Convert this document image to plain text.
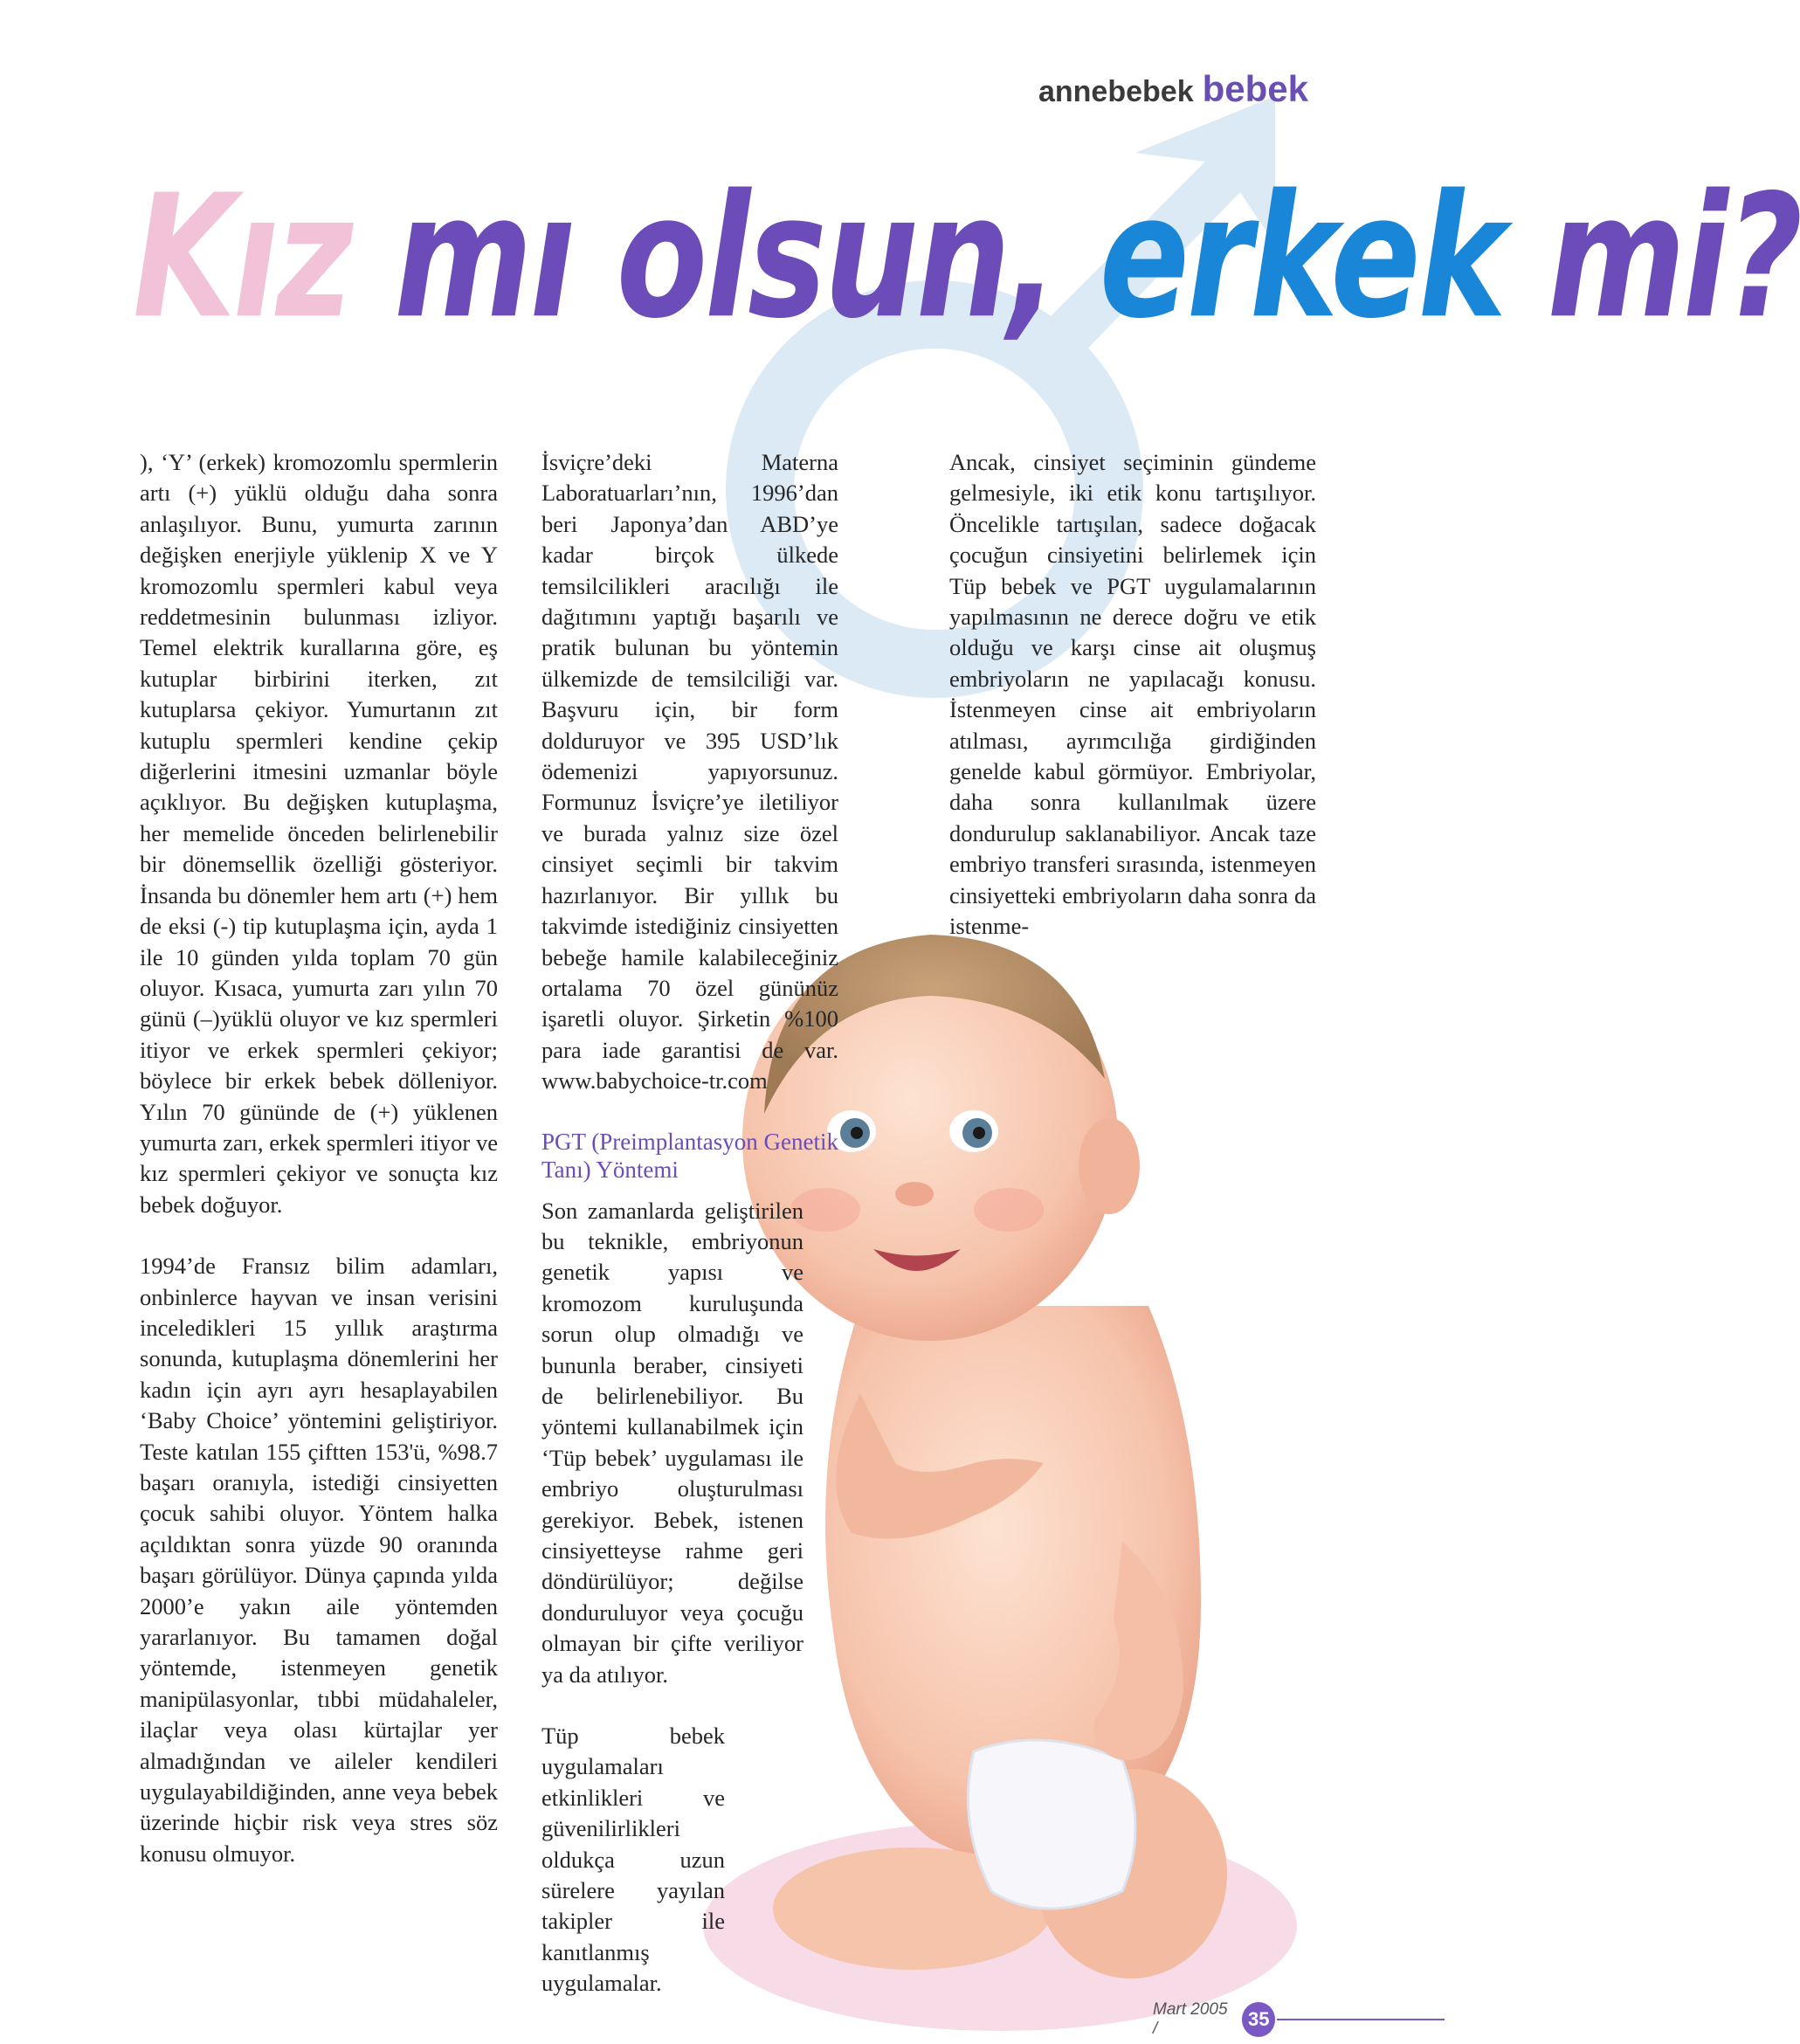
annebebek bebek
Kız mı olsun, erkek mi?

), ‘Y’ (erkek) kromozomlu spermlerin artı (+) yüklü olduğu daha sonra anlaşılıyor. Bunu, yumurta zarının değişken enerjiyle yüklenip X ve Y kromozomlu spermleri kabul veya reddetmesinin bulunması izliyor. Temel elektrik kurallarına göre, eş kutuplar birbirini iterken, zıt kutuplarsa çekiyor. Yumurtanın zıt kutuplu spermleri kendine çekip diğerlerini itmesini uzmanlar böyle açıklıyor. Bu değişken kutuplaşma, her memelide önceden belirlenebilir bir dönemsellik özelliği gösteriyor. İnsanda bu dönemler hem artı (+) hem de eksi (-) tip kutuplaşma için, ayda 1 ile 10 günden yılda toplam 70 gün oluyor. Kısaca, yumurta zarı yılın 70 günü (–)yüklü oluyor ve kız spermleri itiyor ve erkek spermleri çekiyor; böylece bir erkek bebek dölleniyor. Yılın 70 gününde de (+) yüklenen yumurta zarı, erkek spermleri itiyor ve kız spermleri çekiyor ve sonuçta kız bebek doğuyor.

1994’de Fransız bilim adamları, onbinlerce hayvan ve insan verisini inceledikleri 15 yıllık araştırma sonunda, kutuplaşma dönemlerini her kadın için ayrı ayrı hesaplayabilen ‘Baby Choice’ yöntemini geliştiriyor. Teste katılan 155 çiftten 153'ü, %98.7 başarı oranıyla, istediği cinsiyetten çocuk sahibi oluyor. Yöntem halka açıldıktan sonra yüzde 90 oranında başarı görülüyor. Dünya çapında yılda 2000’e yakın aile yöntemden yararlanıyor. Bu tamamen doğal yöntemde, istenmeyen genetik manipülasyonlar, tıbbi müdahaleler, ilaçlar veya olası kürtajlar yer almadığından ve aileler kendileri uygulayabildiğinden, anne veya bebek üzerinde hiçbir risk veya stres söz konusu olmuyor.

İsviçre’deki Materna Laboratuarları’nın, 1996’dan beri Japonya’dan ABD’ye kadar birçok ülkede temsilcilikleri aracılığı ile dağıtımını yaptığı başarılı ve pratik bulunan bu yöntemin ülkemizde de temsilciliği var. Başvuru için, bir form dolduruyor ve 395 USD’lık ödemenizi yapıyorsunuz. Formunuz İsviçre’ye iletiliyor ve burada yalnız size özel cinsiyet seçimli bir takvim hazırlanıyor. Bir yıllık bu takvimde istediğiniz cinsiyetten bebeğe hamile kalabileceğiniz ortalama 70 özel gününüz işaretli oluyor. Şirketin %100 para iade garantisi de var. www.babychoice-tr.com

PGT (Preimplantasyon Genetik Tanı) Yöntemi

Son zamanlarda geliştirilen bu teknikle, embriyonun genetik yapısı ve kromozom kuruluşunda sorun olup olmadığı ve bununla beraber, cinsiyeti de belirlenebiliyor. Bu yöntemi kullanabilmek için ‘Tüp bebek’ uygulaması ile embriyo oluşturulması gerekiyor. Bebek, istenen cinsiyetteyse rahme geri döndürülüyor; değilse donduruluyor veya çocuğu olmayan bir çifte veriliyor ya da atılıyor.

Tüp bebek uygulamaları etkinlikleri ve güvenilirlikleri oldukça uzun sürelere yayılan takipler ile kanıtlanmış uygulamalar.

Ancak, cinsiyet seçiminin gündeme gelmesiyle, iki etik konu tartışılıyor. Öncelikle tartışılan, sadece doğacak çocuğun cinsiyetini belirlemek için Tüp bebek ve PGT uygulamalarının yapılmasının ne derece doğru ve etik olduğu ve karşı cinse ait oluşmuş embriyoların ne yapılacağı konusu. İstenmeyen cinse ait embriyoların atılması, ayrımcılığa girdiğinden genelde kabul görmüyor. Embriyolar, daha sonra kullanılmak üzere dondurulup saklanabiliyor. Ancak taze embriyo transferi sırasında, istenmeyen cinsiyetteki embriyoların daha sonra da istenme-

Mart 2005 /	35
